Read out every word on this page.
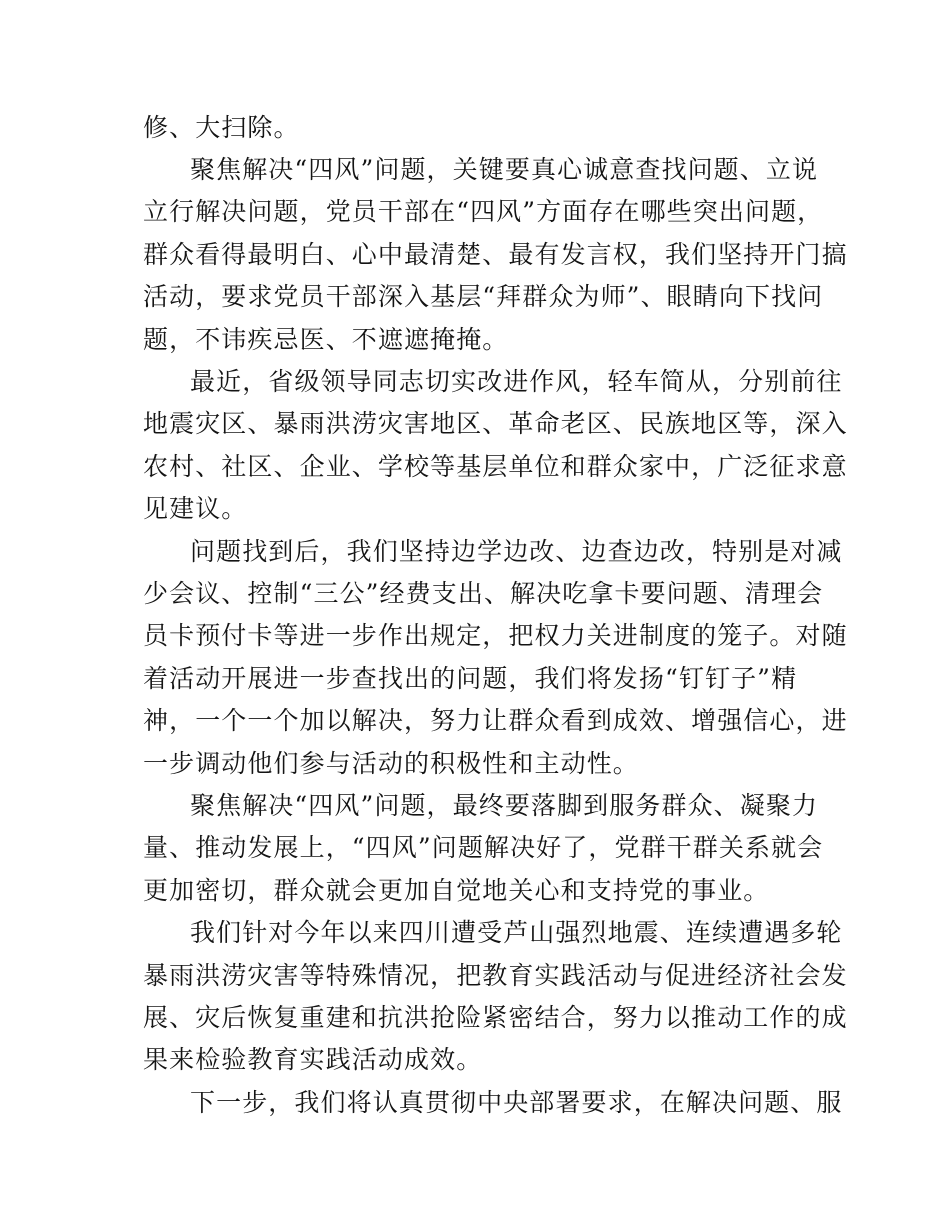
修、大扫除。
聚焦解决“四风”问题，关键要真心诚意查找问题、立说
立行解决问题，党员干部在“四风”方面存在哪些突出问题，
群众看得最明白、心中最清楚、最有发言权，我们坚持开门搞
活动，要求党员干部深入基层“拜群众为师”、眼睛向下找问
题，不讳疾忌医、不遮遮掩掩。
最近，省级领导同志切实改进作风，轻车简从，分别前往
地震灾区、暴雨洪涝灾害地区、革命老区、民族地区等，深入
农村、社区、企业、学校等基层单位和群众家中，广泛征求意
见建议。
问题找到后，我们坚持边学边改、边查边改，特别是对减
少会议、控制“三公”经费支出、解决吃拿卡要问题、清理会
员卡预付卡等进一步作出规定，把权力关进制度的笼子。对随
着活动开展进一步查找出的问题，我们将发扬“钉钉子”精
神，一个一个加以解决，努力让群众看到成效、增强信心，进
一步调动他们参与活动的积极性和主动性。
聚焦解决“四风”问题，最终要落脚到服务群众、凝聚力
量、推动发展上，“四风”问题解决好了，党群干群关系就会
更加密切，群众就会更加自觉地关心和支持党的事业。
我们针对今年以来四川遭受芦山强烈地震、连续遭遇多轮
暴雨洪涝灾害等特殊情况，把教育实践活动与促进经济社会发
展、灾后恢复重建和抗洪抢险紧密结合，努力以推动工作的成
果来检验教育实践活动成效。
下一步，我们将认真贯彻中央部署要求，在解决问题、服
